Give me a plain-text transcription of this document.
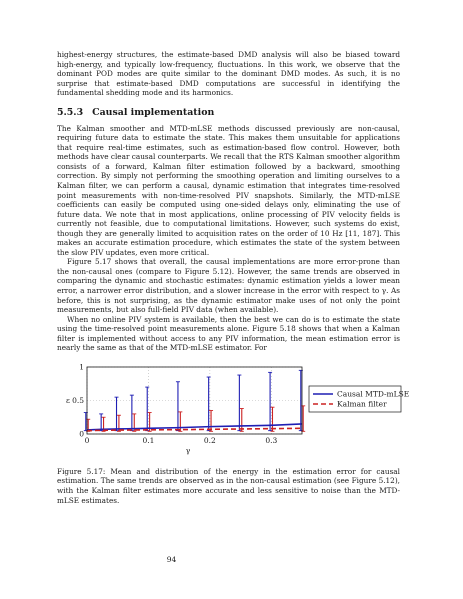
highest-energy structures, the estimate-based DMD analysis will also be biased toward high-energy, and typically low-frequency, fluctuations. In this work, we observe that the dominant POD modes are quite similar to the dominant DMD modes. As such, it is no surprise that estimate-based DMD computations are successful in identifying the fundamental shedding mode and its harmonics.

5.5.3 Causal implementation

The Kalman smoother and MTD-mLSE methods discussed previously are non-causal, requiring future data to estimate the state. This makes them unsuitable for applications that require real-time estimates, such as estimation-based flow control. However, both methods have clear causal counterparts. We recall that the RTS Kalman smoother algorithm consists of a forward, Kalman filter estimation followed by a backward, smoothing correction. By simply not performing the smoothing operation and limiting ourselves to a Kalman filter, we can perform a causal, dynamic estimation that integrates time-resolved point measurements with non-time-resolved PIV snapshots. Similarly, the MTD-mLSE coefficients can easily be computed using one-sided delays only, eliminating the use of future data. We note that in most applications, online processing of PIV velocity fields is currently not feasible, due to computational limitations. However, such systems do exist, though they are generally limited to acquisition rates on the order of 10 Hz [11, 187]. This makes an accurate estimation procedure, which estimates the state of the system between the slow PIV updates, even more critical.

Figure 5.17 shows that overall, the causal implementations are more error-prone than the non-causal ones (compare to Figure 5.12). However, the same trends are observed in comparing the dynamic and stochastic estimates: dynamic estimation yields a lower mean error, a narrower error distribution, and a slower increase in the error with respect to γ. As before, this is not surprising, as the dynamic estimator make uses of not only the point measurements, but also full-field PIV data (when available).

When no online PIV system is available, then the best we can do is to estimate the state using the time-resolved point measurements alone. Figure 5.18 shows that when a Kalman filter is implemented without access to any PIV information, the mean estimation error is nearly the same as that of the MTD-mLSE estimator. For

0	0.1	0.2	0.3
0
0.5
1
γ
ε
Causal MTD-mLSE
Kalman filter
Figure 5.17: Mean and distribution of the energy in the estimation error for causal estimation. The same trends are observed as in the non-causal estimation (see Figure 5.12), with the Kalman filter estimates more accurate and less sensitive to noise than the MTD-mLSE estimates.
94
